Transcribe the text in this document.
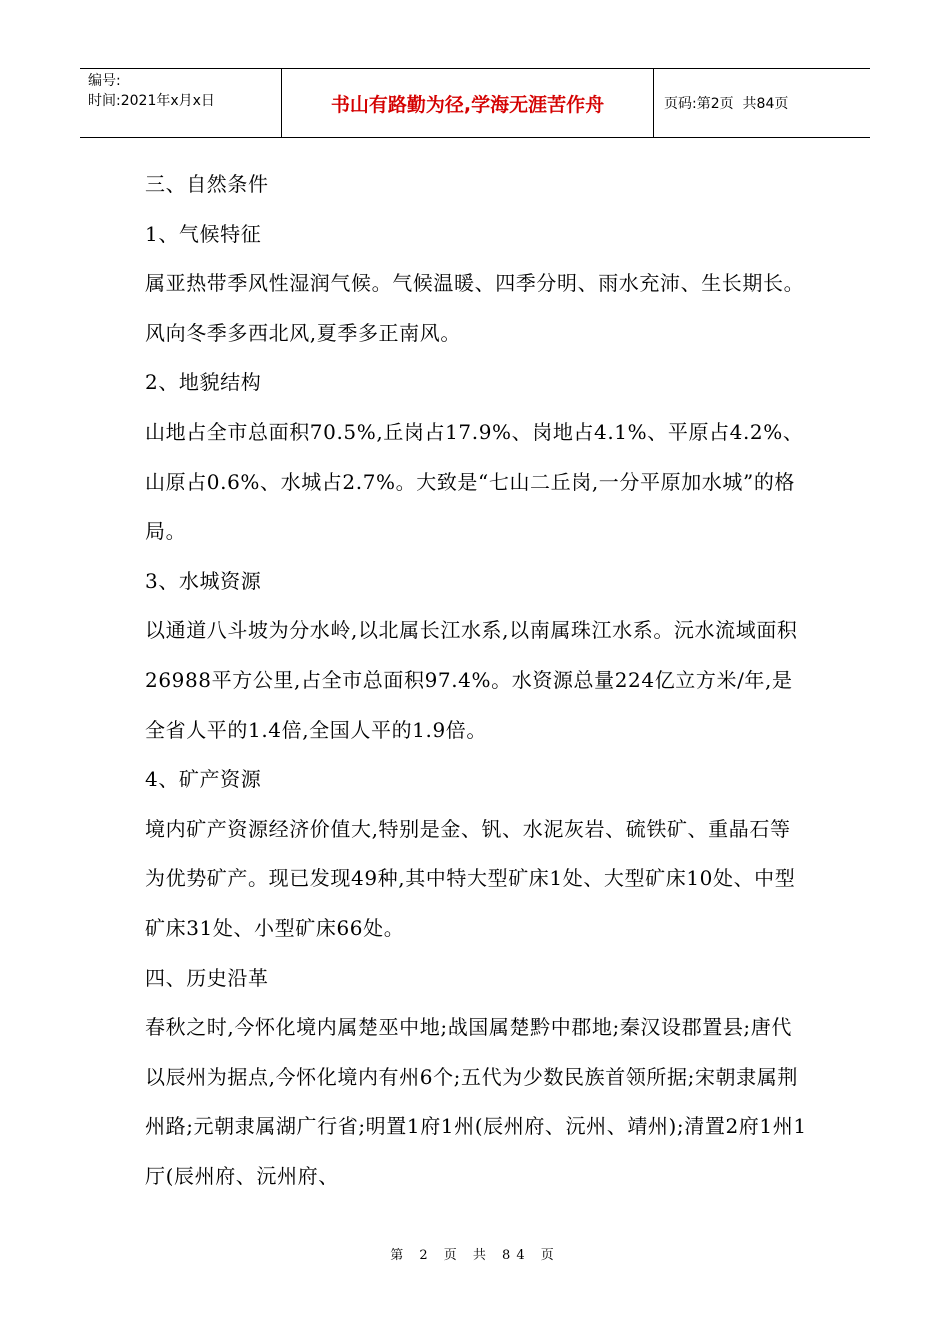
编号:
时间:2021年x月x日	书山有路勤为径,学海无涯苦作舟	页码:第2页  共84页

三、自然条件

1、气候特征

属亚热带季风性湿润气候。气候温暖、四季分明、雨水充沛、生长期长。风向冬季多西北风,夏季多正南风。

2、地貌结构

山地占全市总面积70.5%,丘岗占17.9%、岗地占4.1%、平原占4.2%、山原占0.6%、水城占2.7%。大致是“七山二丘岗,一分平原加水城”的格局。

3、水城资源

以通道八斗坡为分水岭,以北属长江水系,以南属珠江水系。沅水流域面积26988平方公里,占全市总面积97.4%。水资源总量224亿立方米/年,是全省人平的1.4倍,全国人平的1.9倍。

4、矿产资源

境内矿产资源经济价值大,特别是金、钒、水泥灰岩、硫铁矿、重晶石等为优势矿产。现已发现49种,其中特大型矿床1处、大型矿床10处、中型矿床31处、小型矿床66处。

四、历史沿革

春秋之时,今怀化境内属楚巫中地;战国属楚黔中郡地;秦汉设郡置县;唐代以辰州为据点,今怀化境内有州6个;五代为少数民族首领所据;宋朝隶属荆州路;元朝隶属湖广行省;明置1府1州(辰州府、沅州、靖州);清置2府1州1厅(辰州府、沅州府、

第 2 页 共 84 页
